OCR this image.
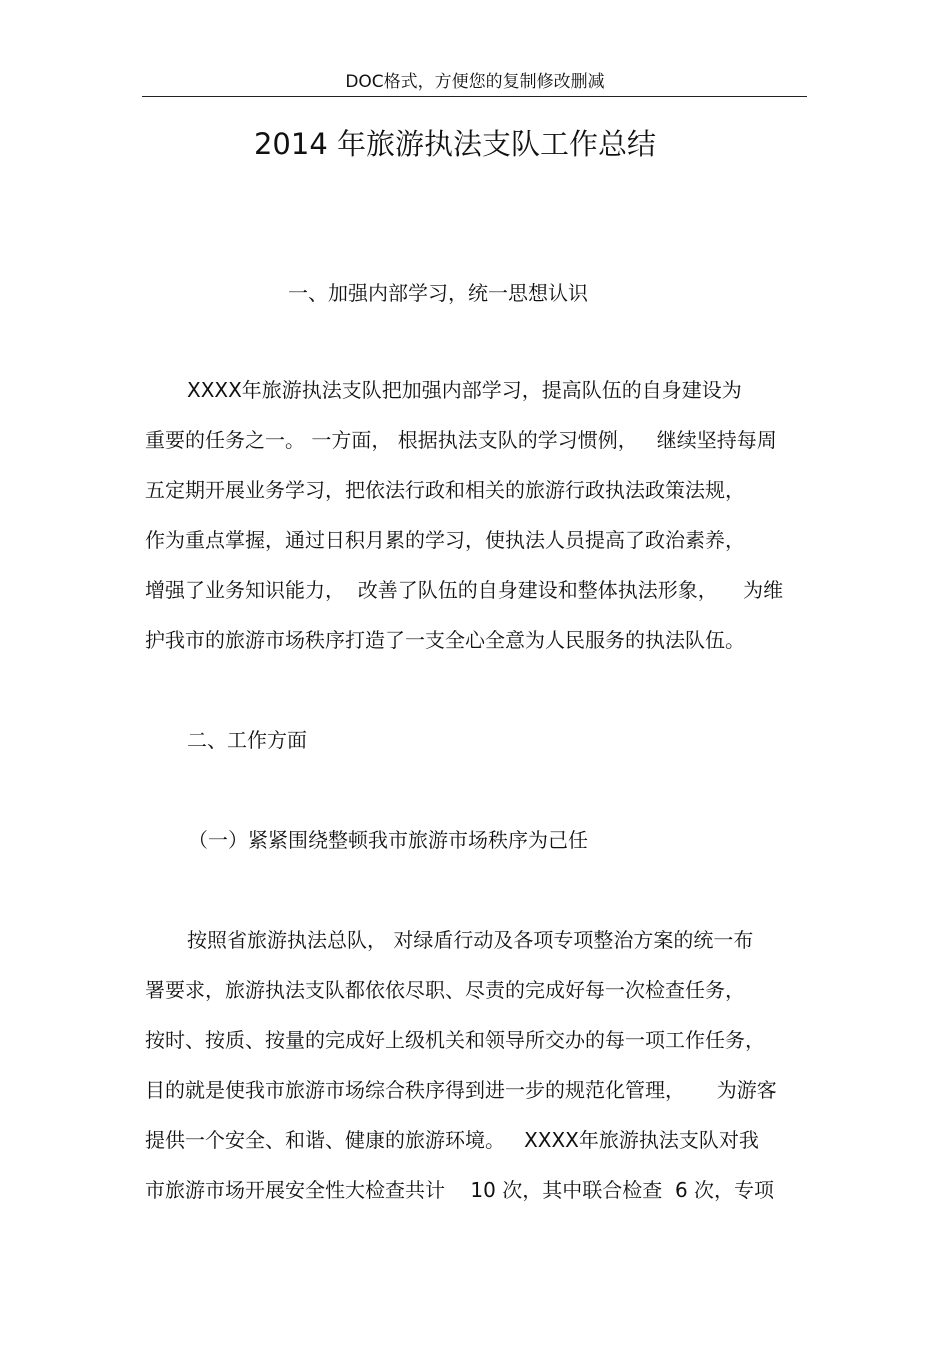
DOC格式，方便您的复制修改删减
2014 年旅游执法支队工作总结
一、加强内部学习，统一思想认识
XXXX年旅游执法支队把加强内部学习，提高队伍的自身建设为
重要的任务之一。 一方面， 根据执法支队的学习惯例，   继续坚持每周
五定期开展业务学习，把依法行政和相关的旅游行政执法政策法规，
作为重点掌握，通过日积月累的学习，使执法人员提高了政治素养，
增强了业务知识能力，  改善了队伍的自身建设和整体执法形象，    为维
护我市的旅游市场秩序打造了一支全心全意为人民服务的执法队伍。
二、工作方面
（一）紧紧围绕整顿我市旅游市场秩序为己任
按照省旅游执法总队， 对绿盾行动及各项专项整治方案的统一布
署要求，旅游执法支队都依依尽职、尽责的完成好每一次检查任务，
按时、按质、按量的完成好上级机关和领导所交办的每一项工作任务，
目的就是使我市旅游市场综合秩序得到进一步的规范化管理，     为游客
提供一个安全、和谐、健康的旅游环境。   XXXX年旅游执法支队对我
市旅游市场开展安全性大检查共计    10 次，其中联合检查  6 次，专项
